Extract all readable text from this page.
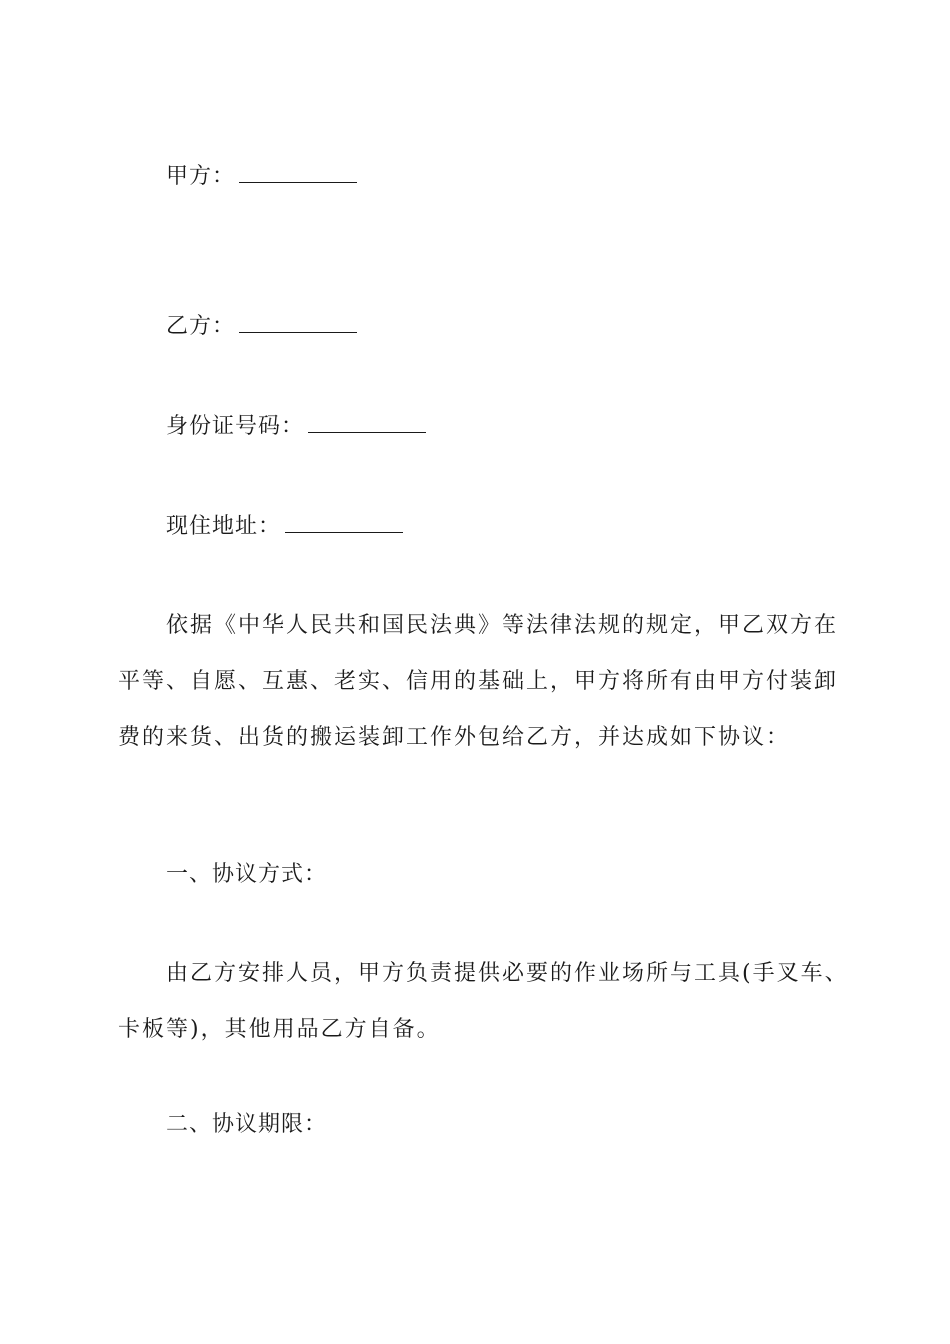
甲方：
乙方：
身份证号码：
现住地址：
依据《中华人民共和国民法典》等法律法规的规定，甲乙双方在平等、自愿、互惠、老实、信用的基础上，甲方将所有由甲方付装卸费的来货、出货的搬运装卸工作外包给乙方，并达成如下协议：
一、协议方式：
由乙方安排人员，甲方负责提供必要的作业场所与工具(手叉车、卡板等)，其他用品乙方自备。
二、协议期限：
